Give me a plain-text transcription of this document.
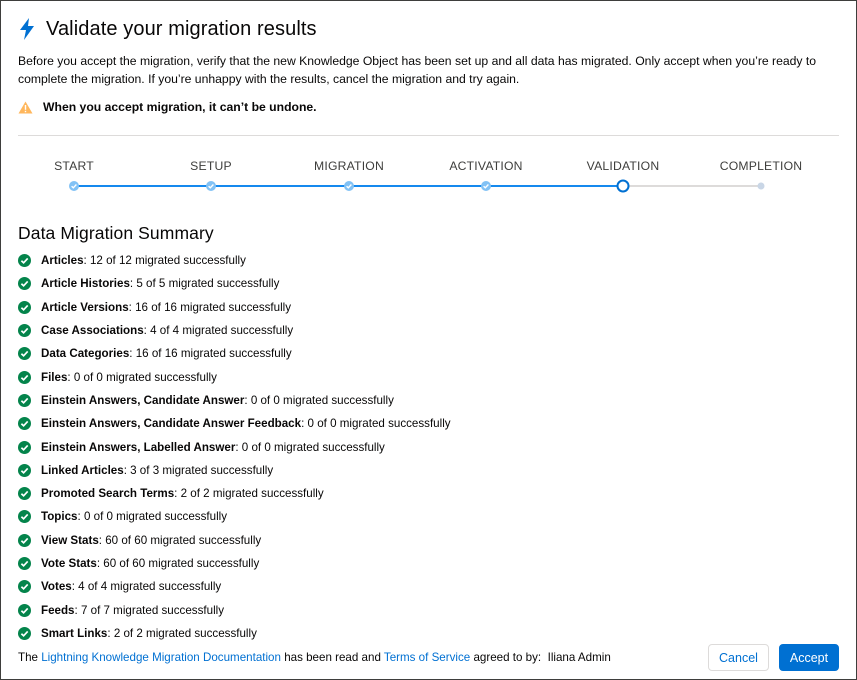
Validate your migration results
Before you accept the migration, verify that the new Knowledge Object has been set up and all data has migrated. Only accept when you’re ready to complete the migration. If you’re unhappy with the results, cancel the migration and try again.
When you accept migration, it can’t be undone.
Data Migration Summary
Articles: 12 of 12 migrated successfully
Article Histories: 5 of 5 migrated successfully
Article Versions: 16 of 16 migrated successfully
Case Associations: 4 of 4 migrated successfully
Data Categories: 16 of 16 migrated successfully
Files: 0 of 0 migrated successfully
Einstein Answers, Candidate Answer: 0 of 0 migrated successfully
Einstein Answers, Candidate Answer Feedback: 0 of 0 migrated successfully
Einstein Answers, Labelled Answer: 0 of 0 migrated successfully
Linked Articles: 3 of 3 migrated successfully
Promoted Search Terms: 2 of 2 migrated successfully
Topics: 0 of 0 migrated successfully
View Stats: 60 of 60 migrated successfully
Vote Stats: 60 of 60 migrated successfully
Votes: 4 of 4 migrated successfully
Feeds: 7 of 7 migrated successfully
Smart Links: 2 of 2 migrated successfully
The Lightning Knowledge Migration Documentation has been read and Terms of Service agreed to by: Iliana Admin	Cancel	Accept
START	SETUP	MIGRATION	ACTIVATION	VALIDATION	COMPLETION
